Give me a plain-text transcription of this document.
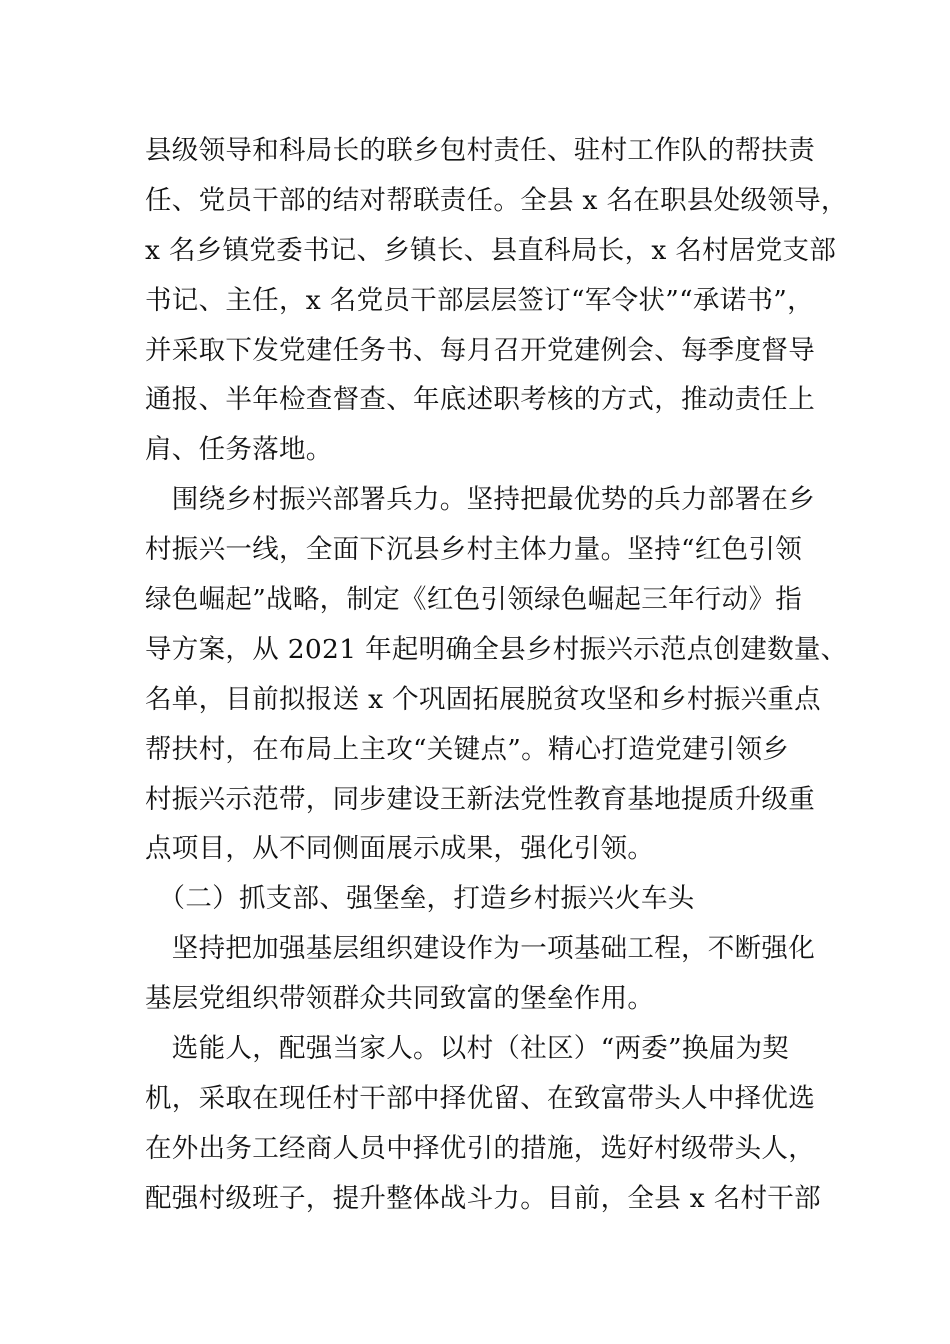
县级领导和科局长的联乡包村责任、驻村工作队的帮扶责
任、党员干部的结对帮联责任。全县 x 名在职县处级领导，
x 名乡镇党委书记、乡镇长、县直科局长，x 名村居党支部
书记、主任，x 名党员干部层层签订“军令状”“承诺书”，
并采取下发党建任务书、每月召开党建例会、每季度督导
通报、半年检查督查、年底述职考核的方式，推动责任上
肩、任务落地。
　围绕乡村振兴部署兵力。坚持把最优势的兵力部署在乡
村振兴一线，全面下沉县乡村主体力量。坚持“红色引领
绿色崛起”战略，制定《红色引领绿色崛起三年行动》指
导方案，从 2021 年起明确全县乡村振兴示范点创建数量、
名单，目前拟报送 x 个巩固拓展脱贫攻坚和乡村振兴重点
帮扶村，在布局上主攻“关键点”。精心打造党建引领乡
村振兴示范带，同步建设王新法党性教育基地提质升级重
点项目，从不同侧面展示成果，强化引领。
　（二）抓支部、强堡垒，打造乡村振兴火车头
　坚持把加强基层组织建设作为一项基础工程，不断强化
基层党组织带领群众共同致富的堡垒作用。
　选能人，配强当家人。以村（社区）“两委”换届为契
机，采取在现任村干部中择优留、在致富带头人中择优选
在外出务工经商人员中择优引的措施，选好村级带头人，
配强村级班子，提升整体战斗力。目前，全县 x 名村干部
